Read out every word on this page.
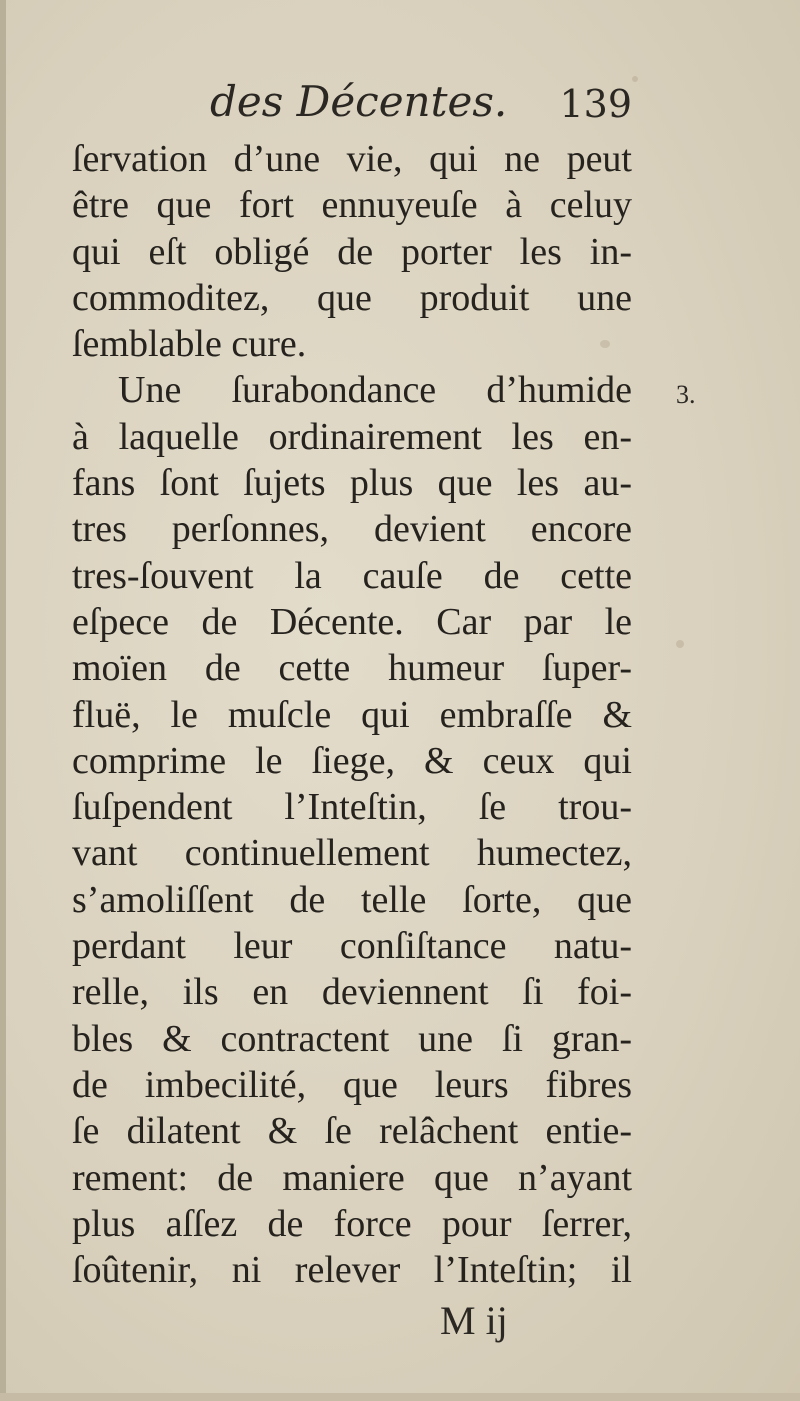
des Décentes. 139
ſervation d’une vie, qui ne peut
être que fort ennuyeuſe à celuy
qui eſt obligé de porter les in-
commoditez, que produit une
ſemblable cure.
Une ſurabondance d’humide
à laquelle ordinairement les en-
fans ſont ſujets plus que les au-
tres perſonnes, devient encore
tres-ſouvent la cauſe de cette
eſpece de Décente. Car par le
moïen de cette humeur ſuper-
fluë, le muſcle qui embraſſe &
comprime le ſiege, & ceux qui
ſuſpendent l’Inteſtin, ſe trou-
vant continuellement humectez,
s’amoliſſent de telle ſorte, que
perdant leur conſiſtance natu-
relle, ils en deviennent ſi foi-
bles & contractent une ſi gran-
de imbecilité, que leurs fibres
ſe dilatent & ſe relâchent entie-
rement: de maniere que n’ayant
plus aſſez de force pour ſerrer,
ſoûtenir, ni relever l’Inteſtin; il
3.
M ij
